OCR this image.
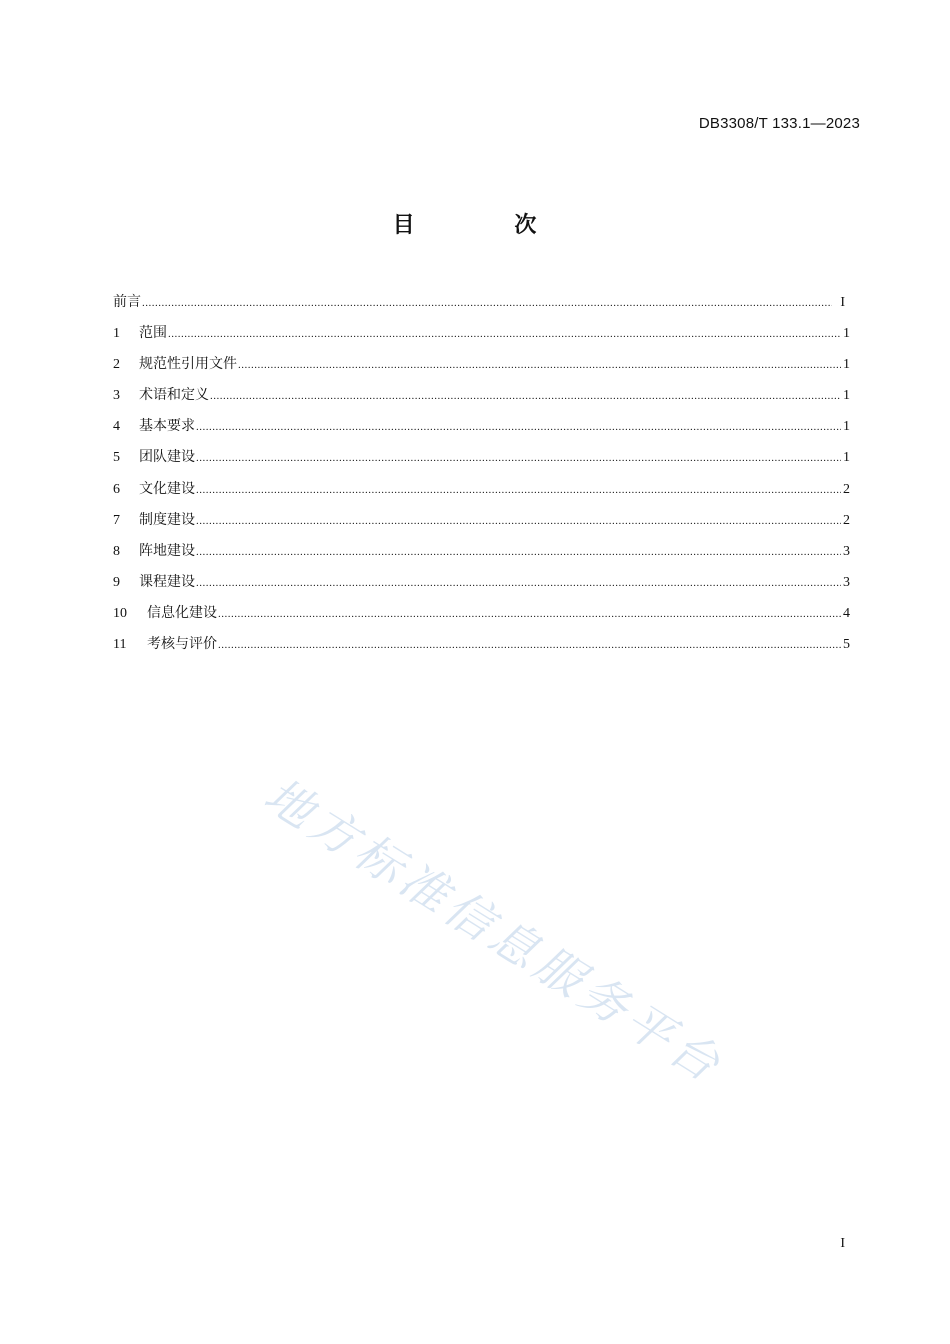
DB3308/T 133.1—2023
目 次
前言 .....	I
1	范围 .....	1
2	规范性引用文件 .....	1
3	术语和定义 .....	1
4	基本要求 .....	1
5	团队建设 .....	1
6	文化建设 .....	2
7	制度建设 .....	2
8	阵地建设 .....	3
9	课程建设 .....	3
10	信息化建设 .....	4
11	考核与评价 .....	5
地方标准信息服务平台
I
